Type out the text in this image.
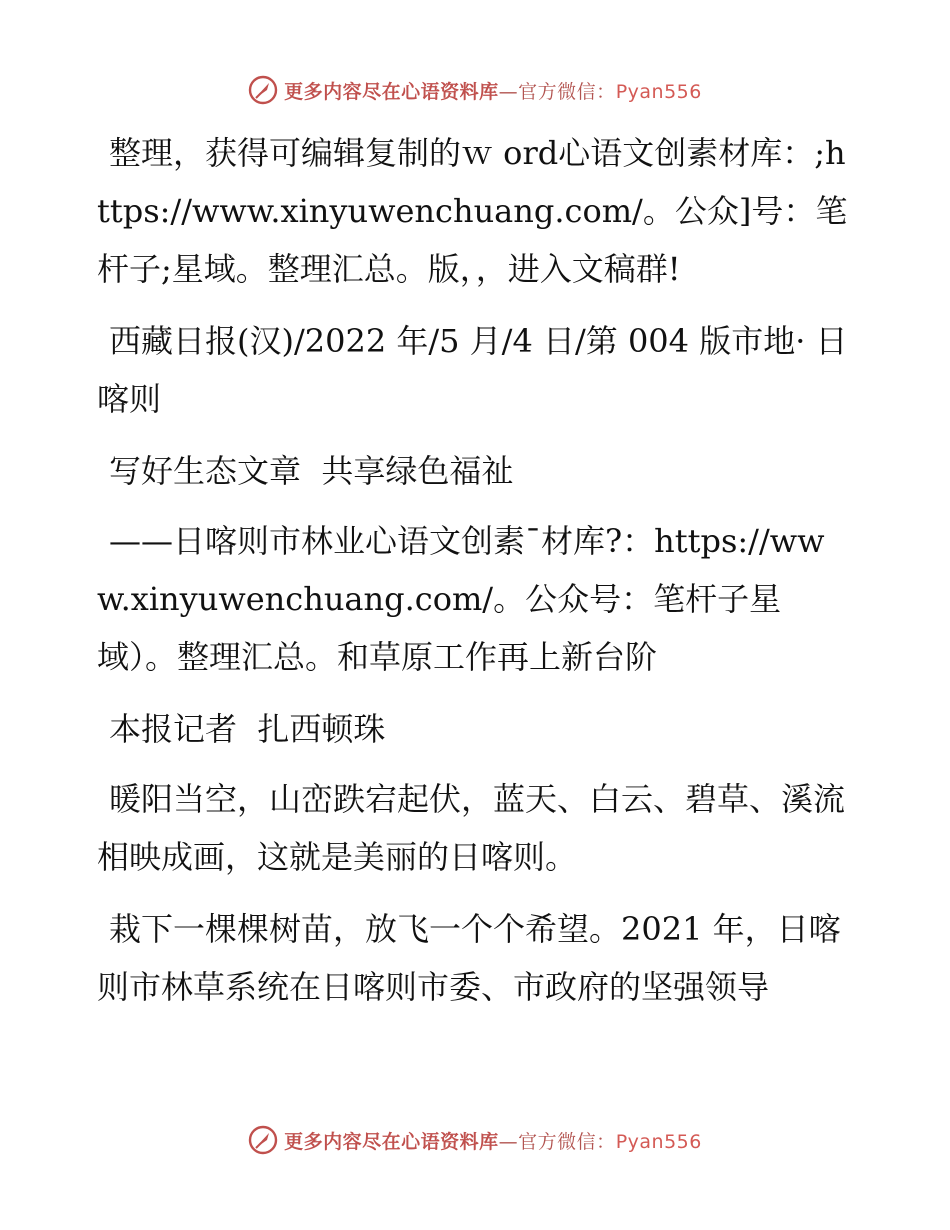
更多内容尽在心语资料库—官方微信：Pyan556

整理，获得可编辑复制的ｗ ord心语文创素材库：;https://www.xinyuwenchuang.com/。公众]号：笔杆子;星域。整理汇总。版，，进入文稿群!

西藏日报(汉)/2022 年/5 月/4 日/第 004 版市地· 日喀则

写好生态文章  共享绿色福祉

——日喀则市林业心语文创素¯材库?：https://www.xinyuwenchuang.com/。公众号：笔杆子星域）。整理汇总。和草原工作再上新台阶

本报记者  扎西顿珠

暖阳当空，山峦跌宕起伏，蓝天、白云、碧草、溪流相映成画，这就是美丽的日喀则。

栽下一棵棵树苗，放飞一个个希望。2021 年，日喀则市林草系统在日喀则市委、市政府的坚强领导

更多内容尽在心语资料库—官方微信：Pyan556
